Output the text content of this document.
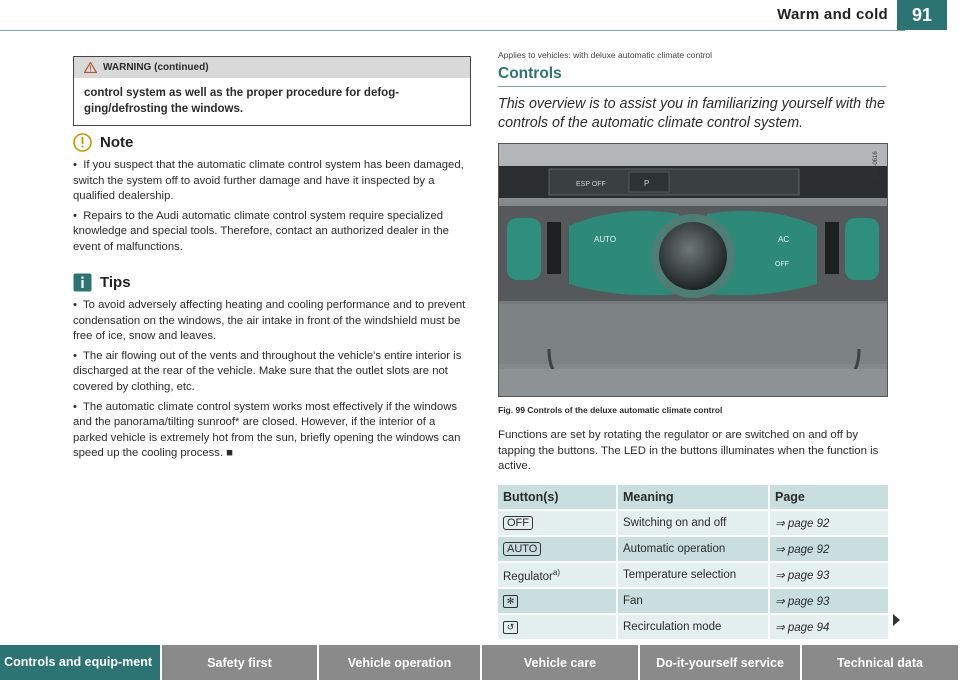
Warm and cold	91
WARNING (continued)
control system as well as the proper procedure for defog-ging/defrosting the windows.
Note
•  If you suspect that the automatic climate control system has been damaged, switch the system off to avoid further damage and have it inspected by a qualified dealership.
•  Repairs to the Audi automatic climate control system require specialized knowledge and special tools. Therefore, contact an authorized dealer in the event of malfunctions.
Tips
•  To avoid adversely affecting heating and cooling performance and to prevent condensation on the windows, the air intake in front of the windshield must be free of ice, snow and leaves.
•  The air flowing out of the vents and throughout the vehicle's entire interior is discharged at the rear of the vehicle. Make sure that the outlet slots are not covered by clothing, etc.
•  The automatic climate control system works most effectively if the windows and the panorama/tilting sunroof* are closed. However, if the interior of a parked vehicle is extremely hot from the sun, briefly opening the windows can speed up the cooling process. ■
Applies to vehicles: with deluxe automatic climate control
Controls
This overview is to assist you in familiarizing yourself with the controls of the automatic climate control system.
ESP OFF	P
B8K-0616
AUTO	AC
OFF
Fig. 99 Controls of the deluxe automatic climate control
Functions are set by rotating the regulator or are switched on and off by tapping the buttons. The LED in the buttons illuminates when the function is active.
Button(s)	Meaning	Page
OFF	Switching on and off	⇒ page 92
AUTO	Automatic operation	⇒ page 92
Regulator$^{a)}$	Temperature selection	⇒ page 93
✻	Fan	⇒ page 93
↺	Recirculation mode	⇒ page 94
Controls and equip-ment	Safety first	Vehicle operation	Vehicle care	Do-it-yourself service	Technical data
